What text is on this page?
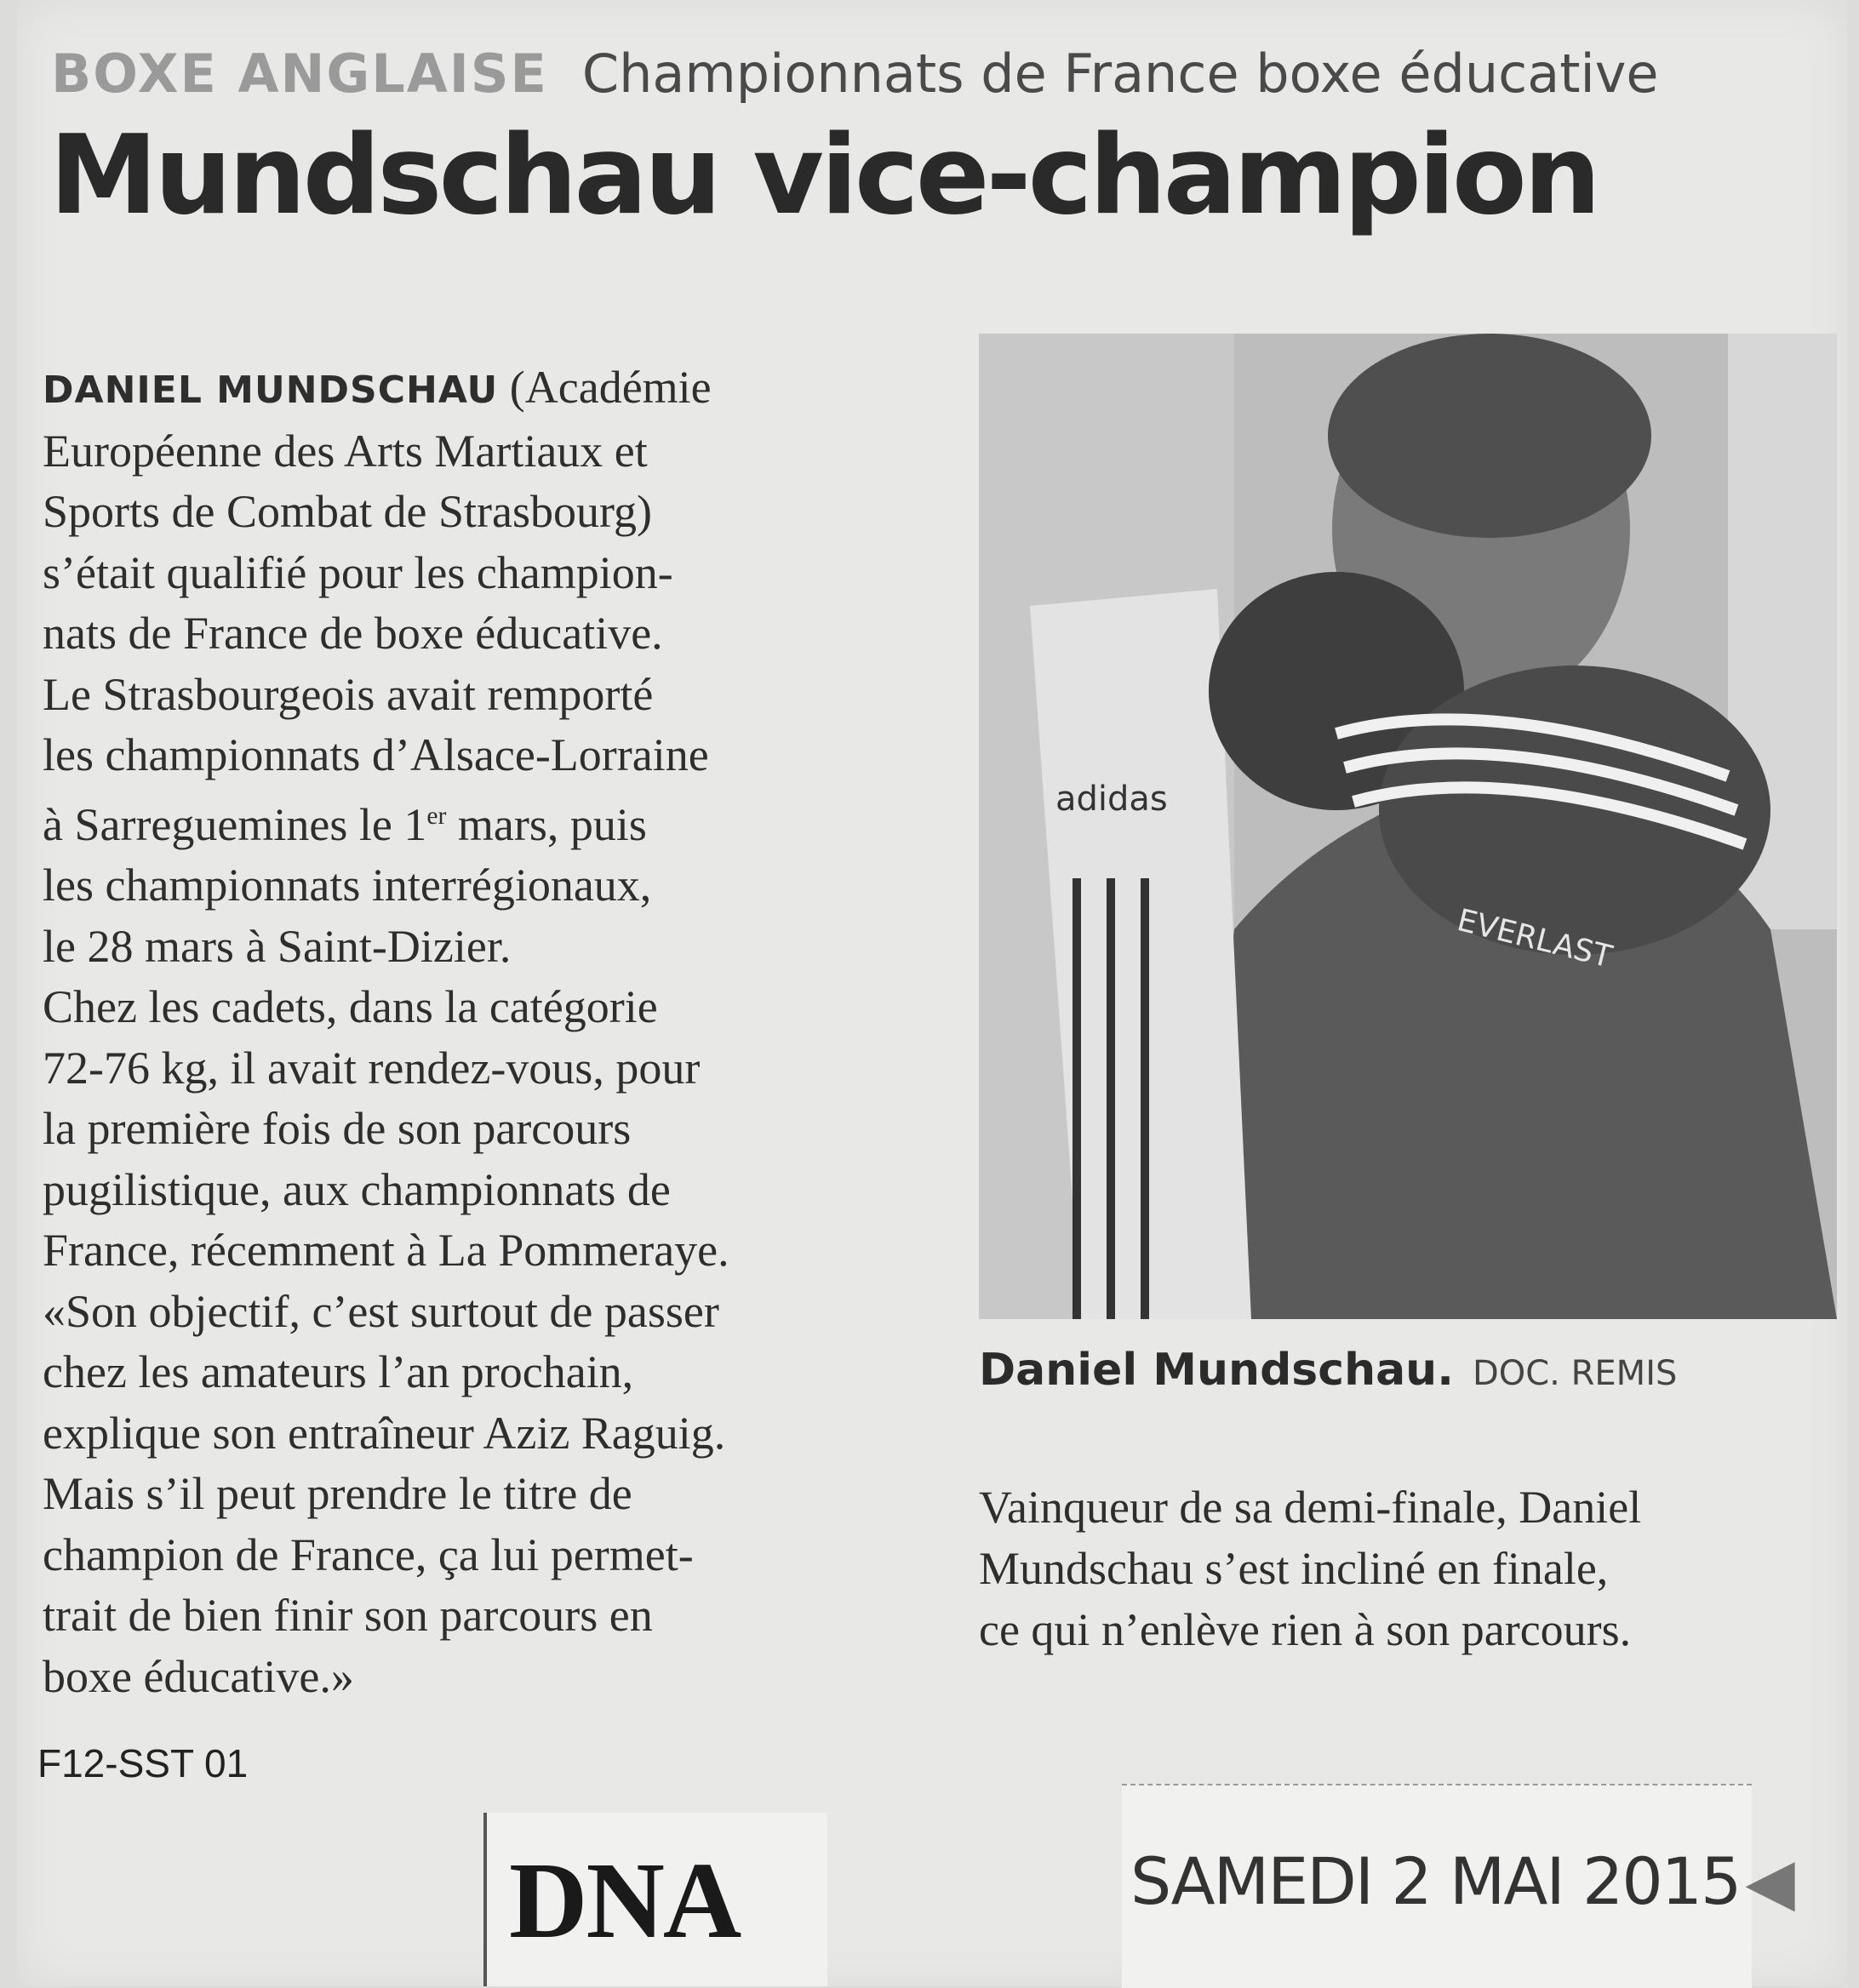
BOXE ANGLAISE Championnats de France boxe éducative
Mundschau vice-champion
DANIEL MUNDSCHAU (Académie
Européenne des Arts Martiaux et
Sports de Combat de Strasbourg)
s’était qualifié pour les champion-
nats de France de boxe éducative.
Le Strasbourgeois avait remporté
les championnats d’Alsace-Lorraine
à Sarreguemines le 1er mars, puis
les championnats interrégionaux,
le 28 mars à Saint-Dizier.
Chez les cadets, dans la catégorie
72-76 kg, il avait rendez-vous, pour
la première fois de son parcours
pugilistique, aux championnats de
France, récemment à La Pommeraye.
«Son objectif, c’est surtout de passer
chez les amateurs l’an prochain,
explique son entraîneur Aziz Raguig.
Mais s’il peut prendre le titre de
champion de France, ça lui permet-
trait de bien finir son parcours en
boxe éducative.»
adidas
EVERLAST
Daniel Mundschau. DOC. REMIS
Vainqueur de sa demi-finale, Daniel
Mundschau s’est incliné en finale,
ce qui n’enlève rien à son parcours.
F12-SST 01
DNA	SAMEDI 2 MAI 2015◀
